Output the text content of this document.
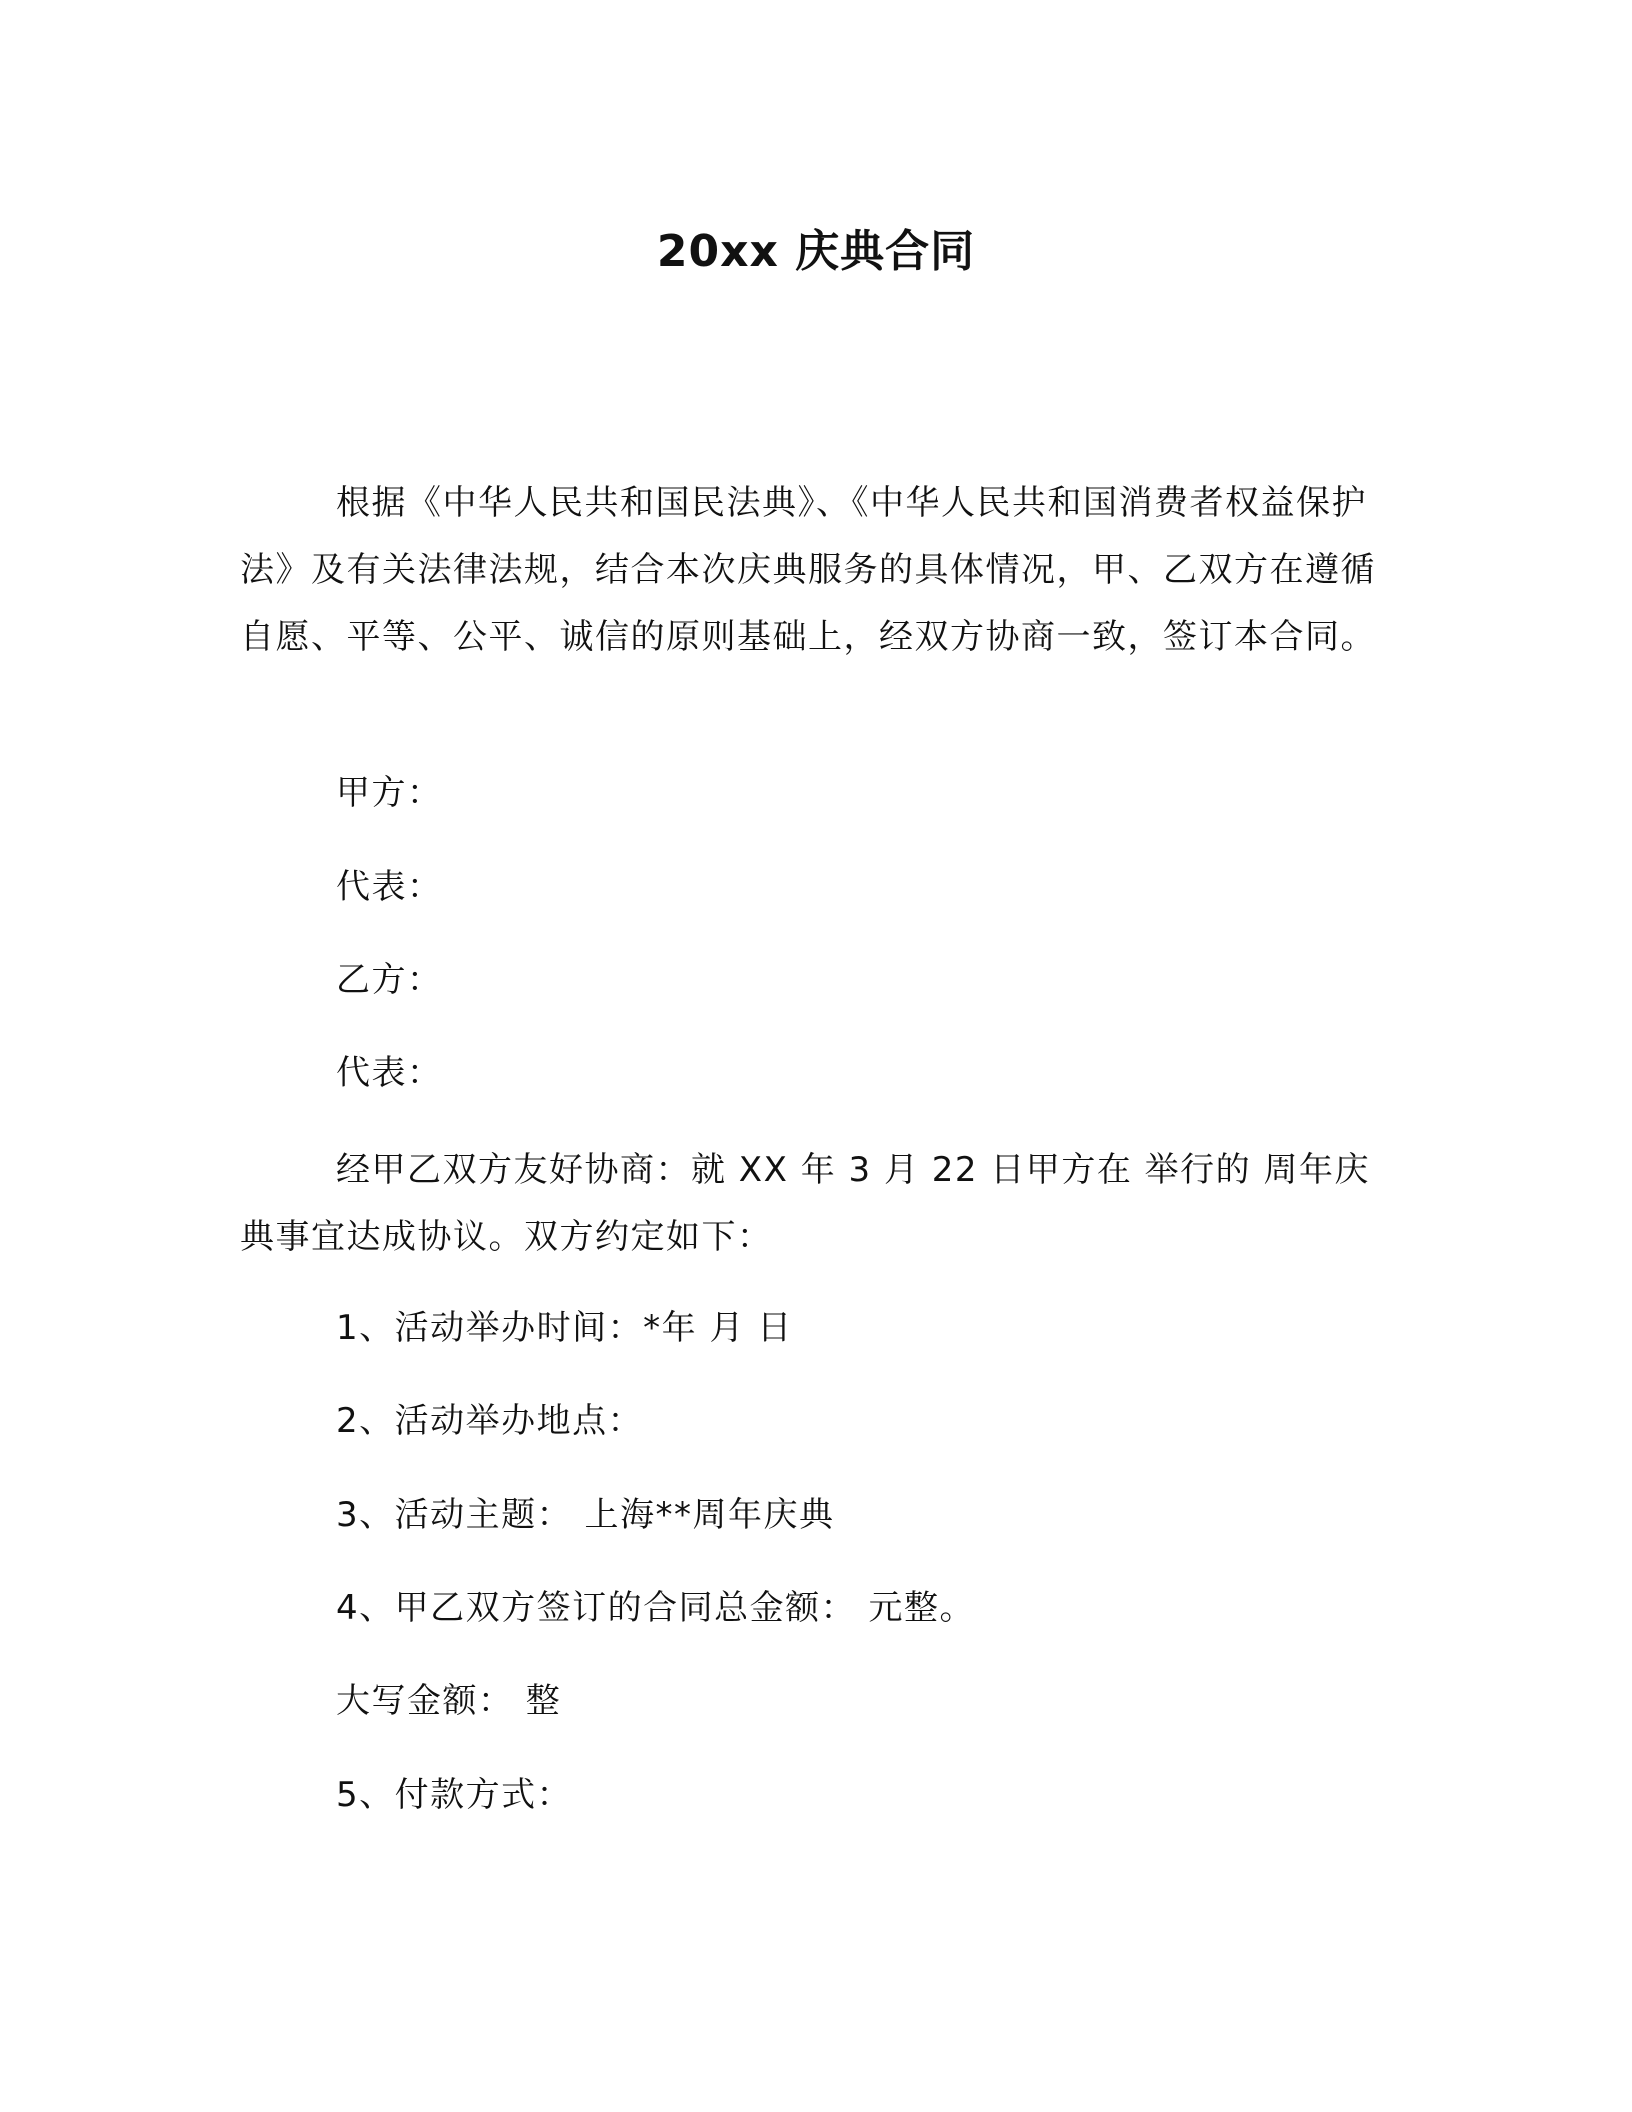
20xx 庆典合同
根据《中华人民共和国民法典》、《中华人民共和国消费者权益保护法》及有关法律法规，结合本次庆典服务的具体情况，甲、乙双方在遵循自愿、平等、公平、诚信的原则基础上，经双方协商一致，签订本合同。
甲方：
代表：
乙方：
代表：
经甲乙双方友好协商：就 XX 年 3 月 22 日甲方在 举行的 周年庆典事宜达成协议。双方约定如下：
1、活动举办时间：*年 月 日
2、活动举办地点：
3、活动主题： 上海**周年庆典
4、甲乙双方签订的合同总金额： 元整。
大写金额： 整
5、付款方式：
